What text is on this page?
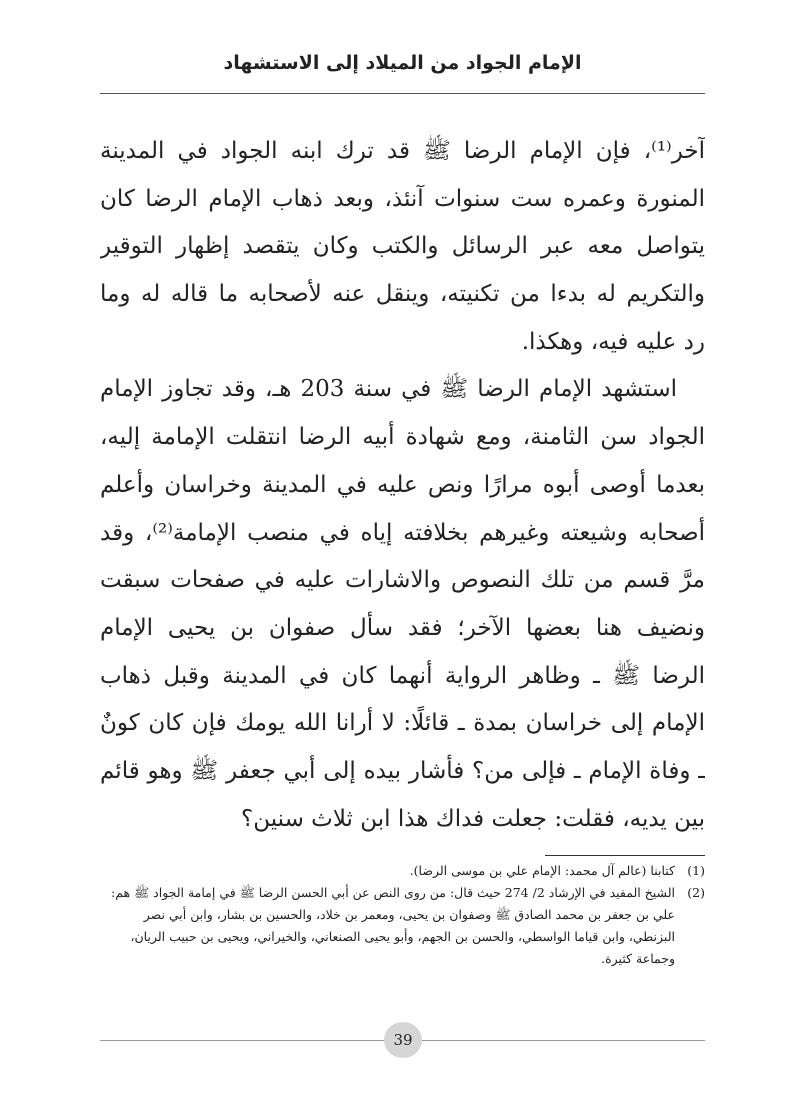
الإمام الجواد من الميلاد إلى الاستشهاد
آخر⁽¹⁾، فإن الإمام الرضا ﷺ قد ترك ابنه الجواد في المدينة
المنورة وعمره ست سنوات آنئذ، وبعد ذهاب الإمام الرضا كان
يتواصل معه عبر الرسائل والكتب وكان يتقصد إظهار التوقير
والتكريم له بدءا من تكنيته، وينقل عنه لأصحابه ما قاله له وما
رد عليه فيه، وهكذا.
استشهد الإمام الرضا ﷺ في سنة 203 هـ، وقد تجاوز الإمام
الجواد سن الثامنة، ومع شهادة أبيه الرضا انتقلت الإمامة إليه،
بعدما أوصى أبوه مرارًا ونص عليه في المدينة وخراسان وأعلم
أصحابه وشيعته وغيرهم بخلافته إياه في منصب الإمامة⁽²⁾، وقد
مرَّ قسم من تلك النصوص والاشارات عليه في صفحات سبقت
ونضيف هنا بعضها الآخر؛ فقد سأل صفوان بن يحيى الإمام
الرضا ﷺ ـ وظاهر الرواية أنهما كان في المدينة وقبل ذهاب
الإمام إلى خراسان بمدة ـ قائلًا: لا أرانا الله يومك فإن كان كونٌ
ـ وفاة الإمام ـ فإلى من؟ فأشار بيده إلى أبي جعفر ﷺ وهو قائم
بين يديه، فقلت: جعلت فداك هذا ابن ثلاث سنين؟
(1)
كتابنا (عالم آل محمد: الإمام علي بن موسى الرضا).
(2)
الشيخ المفيد في الإرشاد 2/ 274 حيث قال: من روى النص عن أبي الحسن الرضا ﷺ في إمامة الجواد ﷺ هم: علي بن جعفر بن محمد الصادق ﷺ وصفوان بن يحيى، ومعمر بن خلاد، والحسين بن بشار، وابن أبي نصر البزنطي، وابن قياما الواسطي، والحسن بن الجهم، وأبو يحيى الصنعاني، والخيراني، ويحيى بن حبيب الريان، وجماعة كثيرة.
39
